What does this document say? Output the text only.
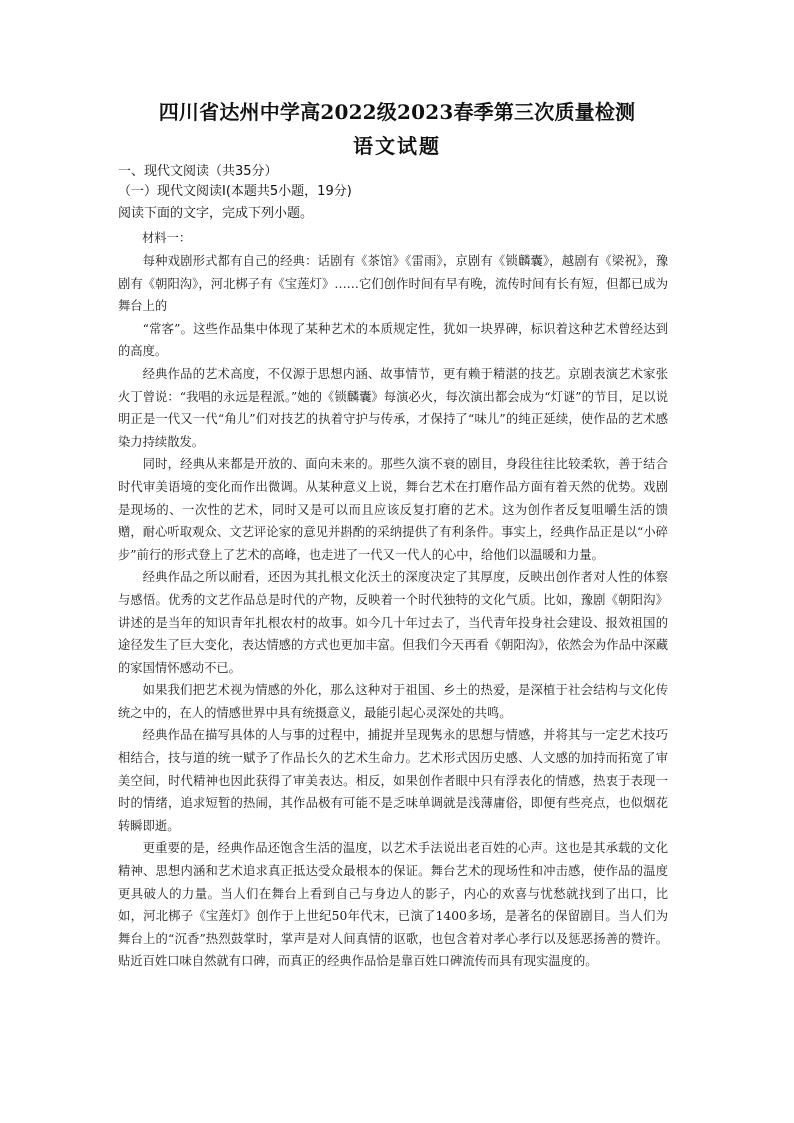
四川省达州中学高2022级2023春季第三次质量检测
语文试题

一、现代文阅读（共35分）

（一）现代文阅读Ⅰ(本题共5小题，19分)

阅读下面的文字，完成下列小题。

材料一：

每种戏剧形式都有自己的经典：话剧有《茶馆》《雷雨》，京剧有《锁麟囊》，越剧有《梁祝》，豫剧有《朝阳沟》，河北梆子有《宝莲灯》……它们创作时间有早有晚，流传时间有长有短，但都已成为舞台上的

“常客”。这些作品集中体现了某种艺术的本质规定性，犹如一块界碑，标识着这种艺术曾经达到的高度。

经典作品的艺术高度，不仅源于思想内涵、故事情节，更有赖于精湛的技艺。京剧表演艺术家张火丁曾说：“我唱的永远是程派。”她的《锁麟囊》每演必火，每次演出都会成为“灯谜”的节目，足以说明正是一代又一代“角儿”们对技艺的执着守护与传承，才保持了“味儿”的纯正延续，使作品的艺术感染力持续散发。

同时，经典从来都是开放的、面向未来的。那些久演不衰的剧目，身段往往比较柔软，善于结合时代审美语境的变化而作出微调。从某种意义上说，舞台艺术在打磨作品方面有着天然的优势。戏剧是现场的、一次性的艺术，同时又是可以而且应该反复打磨的艺术。这为创作者反复咀嚼生活的馈赠，耐心听取观众、文艺评论家的意见并斟酌的采纳提供了有利条件。事实上，经典作品正是以“小碎步”前行的形式登上了艺术的高峰，也走进了一代又一代人的心中，给他们以温暖和力量。

经典作品之所以耐看，还因为其扎根文化沃土的深度决定了其厚度，反映出创作者对人性的体察与感悟。优秀的文艺作品总是时代的产物，反映着一个时代独特的文化气质。比如，豫剧《朝阳沟》讲述的是当年的知识青年扎根农村的故事。如今几十年过去了，当代青年投身社会建设、报效祖国的途径发生了巨大变化，表达情感的方式也更加丰富。但我们今天再看《朝阳沟》，依然会为作品中深藏的家国情怀感动不已。

如果我们把艺术视为情感的外化，那么这种对于祖国、乡土的热爱，是深植于社会结构与文化传统之中的，在人的情感世界中具有统摄意义，最能引起心灵深处的共鸣。

经典作品在描写具体的人与事的过程中，捕捉并呈现隽永的思想与情感，并将其与一定艺术技巧相结合，技与道的统一赋予了作品长久的艺术生命力。艺术形式因历史感、人文感的加持而拓宽了审美空间，时代精神也因此获得了审美表达。相反，如果创作者眼中只有浮表化的情感，热衷于表现一时的情绪，追求短暂的热闹，其作品极有可能不是乏味单调就是浅薄庸俗，即便有些亮点，也似烟花转瞬即逝。

更重要的是，经典作品还饱含生活的温度，以艺术手法说出老百姓的心声。这也是其承载的文化精神、思想内涵和艺术追求真正抵达受众最根本的保证。舞台艺术的现场性和冲击感，使作品的温度更具破人的力量。当人们在舞台上看到自己与身边人的影子，内心的欢喜与忧愁就找到了出口，比如，河北梆子《宝莲灯》创作于上世纪50年代末，已演了1400多场，是著名的保留剧目。当人们为舞台上的“沉香”热烈鼓掌时，掌声是对人间真情的讴歌，也包含着对孝心孝行以及惩恶扬善的赞许。贴近百姓口味自然就有口碑，而真正的经典作品恰是靠百姓口碑流传而具有现实温度的。
